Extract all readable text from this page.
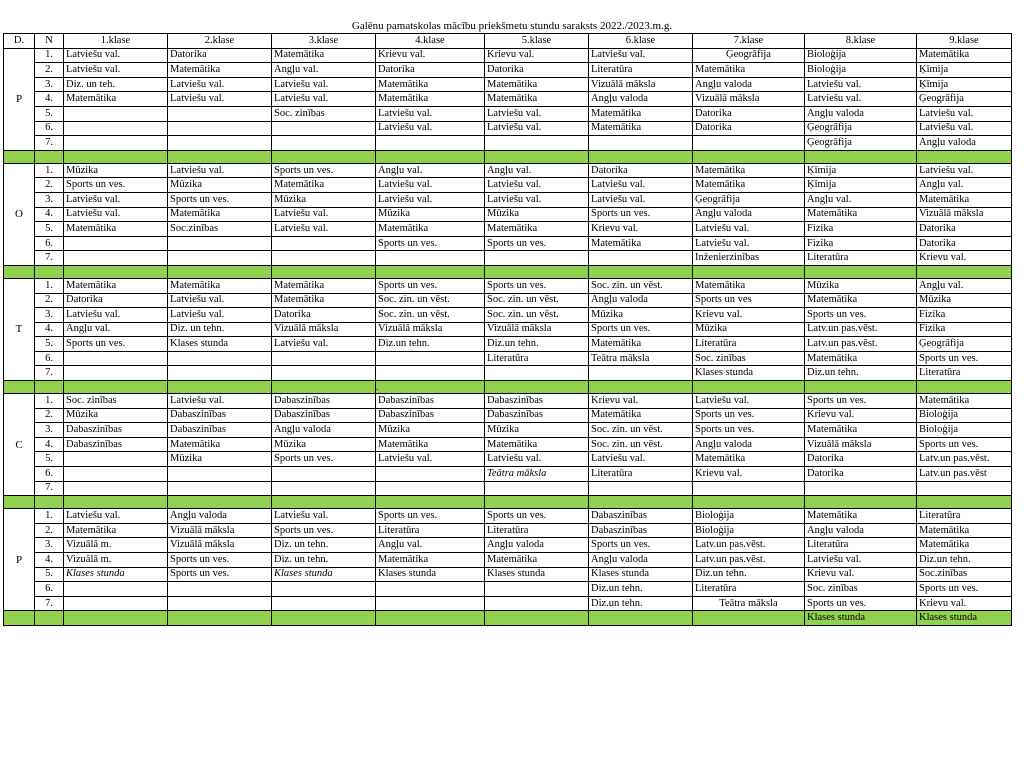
Galēnu pamatskolas mācību priekšmetu stundu saraksts 2022./2023.m.g.
D.	N	1.klase	2.klase	3.klase	4.klase	5.klase	6.klase	7.klase	8.klase	9.klase
P	1.	Latviešu val.	Datorika	Matemātika	Krievu val.	Krievu val.	Latviešu val.	Ģeogrāfija	Bioloģija	Matemātika
	2.	Latviešu val.	Matemātika	Angļu val.	Datorika	Datorika	Literatūra	Matemātika	Bioloģija	Ķīmija
	3.	Diz. un teh.	Latviešu val.	Latviešu val.	Matemātika	Matemātika	Vizuālā māksla	Angļu valoda	Latviešu val.	Ķīmija
	4.	Matemātika	Latviešu val.	Latviešu val.	Matemātika	Matemātika	Angļu valoda	Vizuālā māksla	Latviešu val.	Ģeogrāfija
	5.			Soc. zinības	Latviešu val.	Latviešu val.	Matemātika	Datorika	Angļu valoda	Latviešu val.
	6.				Latviešu val.	Latviešu val.	Matemātika	Datorika	Ģeogrāfija	Latviešu val.
	7.								Ģeogrāfija	Angļu valoda

O	1.	Mūzika	Latviešu val.	Sports un ves.	Angļu val.	Angļu val.	Datorika	Matemātika	Ķīmija	Latviešu val.
	2.	Sports un ves.	Mūzika	Matemātika	Latviešu val.	Latviešu val.	Latviešu val.	Matemātika	Ķīmija	Angļu val.
	3.	Latviešu val.	Sports un ves.	Mūzika	Latviešu val.	Latviešu val.	Latviešu val.	Ģeogrāfija	Angļu val.	Matemātika
	4.	Latviešu val.	Matemātika	Latviešu val.	Mūzika	Mūzika	Sports un ves.	Angļu valoda	Matemātika	Vizuālā māksla
	5.	Matemātika	Soc.zinības	Latviešu val.	Matemātika	Matemātika	Krievu val.	Latviešu val.	Fizika	Datorika
	6.				Sports un ves.	Sports un ves.	Matemātika	Latviešu val.	Fizika	Datorika
	7.							Inženierzinības	Literatūra	Krievu val.

T	1.	Matemātika	Matemātika	Matemātika	Sports un ves.	Sports un ves.	Soc. zin. un vēst.	Matemātika	Mūzika	Angļu val.
	2.	Datorika	Latviešu val.	Matemātika	Soc. zin. un vēst.	Soc. zin. un vēst.	Angļu valoda	Sports un ves	Matemātika	Mūzika
	3.	Latviešu val.	Latviešu val.	Datorika	Soc. zin. un vēst.	Soc. zin. un vēst.	Mūzika	Krievu val.	Sports un ves.	Fizika
	4.	Angļu val.	Diz. un tehn.	Vizuālā māksla	Vizuālā māksla	Vizuālā māksla	Sports un ves.	Mūzika	Latv.un pas.vēst.	Fizika
	5.	Sports un ves.	Klases stunda	Latviešu val.	Diz.un tehn.	Diz.un tehn.	Matemātika	Literatūra	Latv.un pas.vēst.	Ģeogrāfija
	6.					Literatūra	Teātra māksla	Soc. zinības	Matemātika	Sports un ves.
	7.							Klases stunda	Diz.un tehn.	Literatūra
					.					
C	1.	Soc. zinības	Latviešu val.	Dabaszinības	Dabaszinības	Dabaszinības	Krievu val.	Latviešu val.	Sports un ves.	Matemātika
	2.	Mūzika	Dabaszinības	Dabaszinības	Dabaszinības	Dabaszinības	Matemātika	Sports un ves.	Krievu val.	Bioloģija
	3.	Dabaszinības	Dabaszinības	Angļu valoda	Mūzika	Mūzika	Soc. zin. un vēst.	Sports un ves.	Matemātika	Bioloģija
	4.	Dabaszinības	Matemātika	Mūzika	Matemātika	Matemātika	Soc. zin. un vēst.	Angļu valoda	Vizuālā māksla	Sports un ves.
	5.		Mūzika	Sports un ves.	Latviešu val.	Latviešu val.	Latviešu val.	Matemātika	Datorika	Latv.un pas.vēst.
	6.					Teātra māksla	Literatūra	Krievu val.	Datorika	Latv.un pas.vēst
	7.									

P	1.	Latviešu val.	Angļu valoda	Latviešu val.	Sports un ves.	Sports un ves.	Dabaszinības	Bioloģija	Matemātika	Literatūra
	2.	Matemātika	Vizuālā māksla	Sports un ves.	Literatūra	Literatūra	Dabaszinības	Bioloģija	Angļu valoda	Matemātika
	3.	Vizuālā m.	Vizuālā māksla	Diz. un tehn.	Angļu val.	Angļu valoda	Sports un ves.	Latv.un pas.vēst.	Literatūra	Matemātika
	4.	Vizuālā m.	Sports un ves.	Diz. un tehn.	Matemātika	Matemātika	Angļu valoda	Latv.un pas.vēst.	Latviešu val.	Diz.un tehn.
	5.	Klases stunda	Sports un ves.	Klases stunda	Klases stunda	Klases stunda	Klases stunda	Diz.un tehn.	Krievu val.	Soc.zinības
	6.						Diz.un tehn.	Literatūra	Soc. zinības	Sports un ves.
	7.						Diz.un tehn.	Teātra māksla	Sports un ves.	Krievu val.
									Klases stunda	Klases stunda
